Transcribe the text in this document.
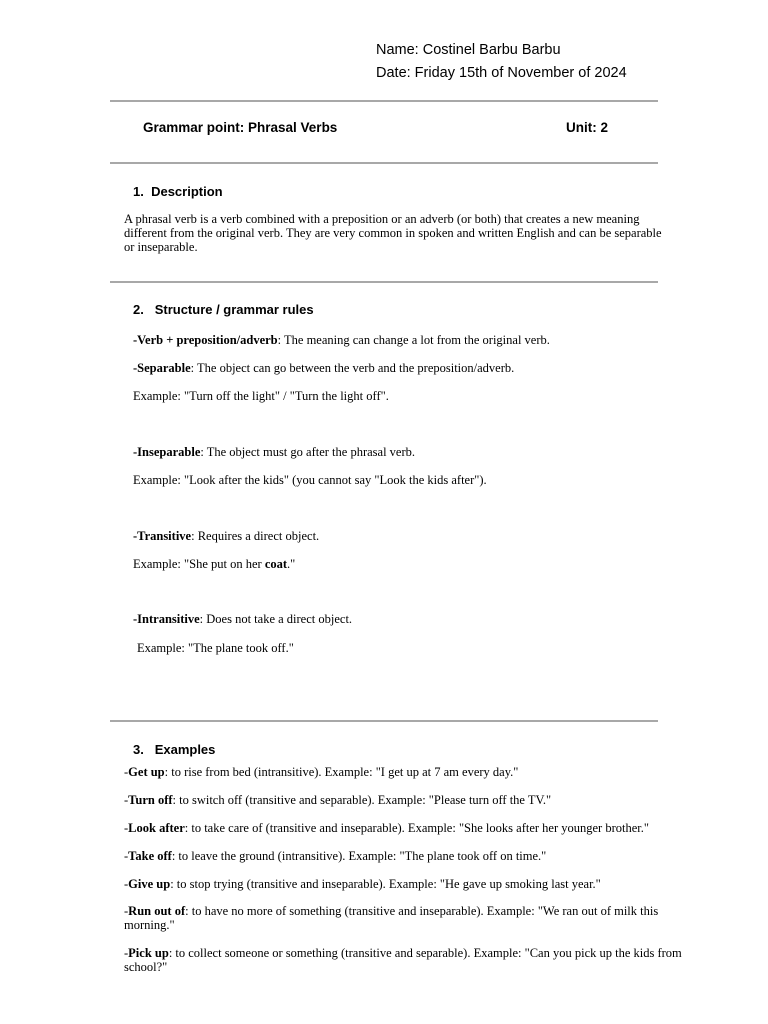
Name: Costinel Barbu Barbu
Date: Friday 15th of November of 2024
Grammar point: Phrasal Verbs	Unit: 2
1. Description
A phrasal verb is a verb combined with a preposition or an adverb (or both) that creates a new meaning different from the original verb. They are very common in spoken and written English and can be separable or inseparable.
2. Structure / grammar rules
-Verb + preposition/adverb: The meaning can change a lot from the original verb.
-Separable: The object can go between the verb and the preposition/adverb.
Example: "Turn off the light" / "Turn the light off".
-Inseparable: The object must go after the phrasal verb.
Example: "Look after the kids" (you cannot say "Look the kids after").
-Transitive: Requires a direct object.
Example: "She put on her coat."
-Intransitive: Does not take a direct object.
Example: "The plane took off."
3. Examples
-Get up: to rise from bed (intransitive). Example: "I get up at 7 am every day."
-Turn off: to switch off (transitive and separable). Example: "Please turn off the TV."
-Look after: to take care of (transitive and inseparable). Example: "She looks after her younger brother."
-Take off: to leave the ground (intransitive). Example: "The plane took off on time."
-Give up: to stop trying (transitive and inseparable). Example: "He gave up smoking last year."
-Run out of: to have no more of something (transitive and inseparable). Example: "We ran out of milk this morning."
-Pick up: to collect someone or something (transitive and separable). Example: "Can you pick up the kids from school?"
